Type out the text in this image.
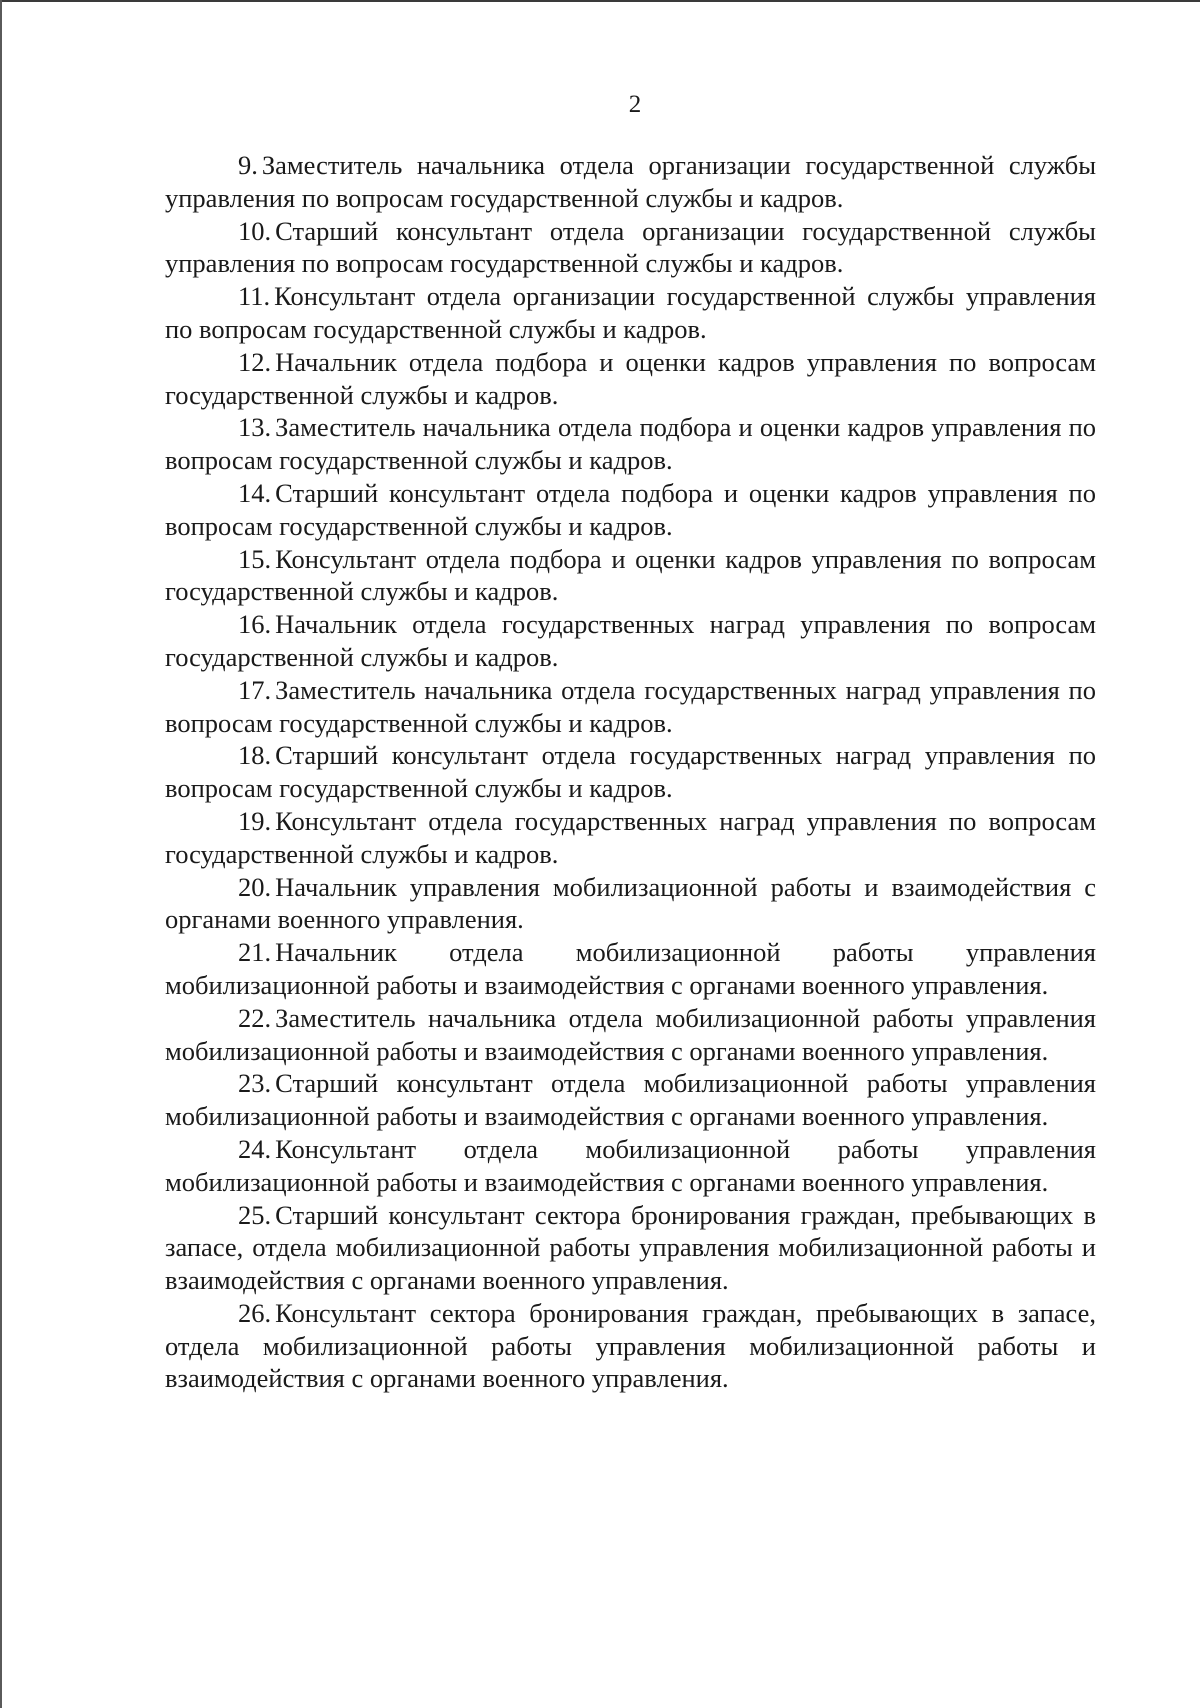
2

9. Заместитель начальника отдела организации государственной службы управления по вопросам государственной службы и кадров.

10. Старший консультант отдела организации государственной службы управления по вопросам государственной службы и кадров.

11. Консультант отдела организации государственной службы управления по вопросам государственной службы и кадров.

12. Начальник отдела подбора и оценки кадров управления по вопросам государственной службы и кадров.

13. Заместитель начальника отдела подбора и оценки кадров управления по вопросам государственной службы и кадров.

14. Старший консультант отдела подбора и оценки кадров управления по вопросам государственной службы и кадров.

15. Консультант отдела подбора и оценки кадров управления по вопросам государственной службы и кадров.

16. Начальник отдела государственных наград управления по вопросам государственной службы и кадров.

17. Заместитель начальника отдела государственных наград управления по вопросам государственной службы и кадров.

18. Старший консультант отдела государственных наград управления по вопросам государственной службы и кадров.

19. Консультант отдела государственных наград управления по вопросам государственной службы и кадров.

20. Начальник управления мобилизационной работы и взаимодействия с органами военного управления.

21. Начальник отдела мобилизационной работы управления мобилизационной работы и взаимодействия с органами военного управления.

22. Заместитель начальника отдела мобилизационной работы управления мобилизационной работы и взаимодействия с органами военного управления.

23. Старший консультант отдела мобилизационной работы управления мобилизационной работы и взаимодействия с органами военного управления.

24. Консультант отдела мобилизационной работы управления мобилизационной работы и взаимодействия с органами военного управления.

25. Старший консультант сектора бронирования граждан, пребывающих в запасе, отдела мобилизационной работы управления мобилизационной работы и взаимодействия с органами военного управления.

26. Консультант сектора бронирования граждан, пребывающих в запасе, отдела мобилизационной работы управления мобилизационной работы и взаимодействия с органами военного управления.
